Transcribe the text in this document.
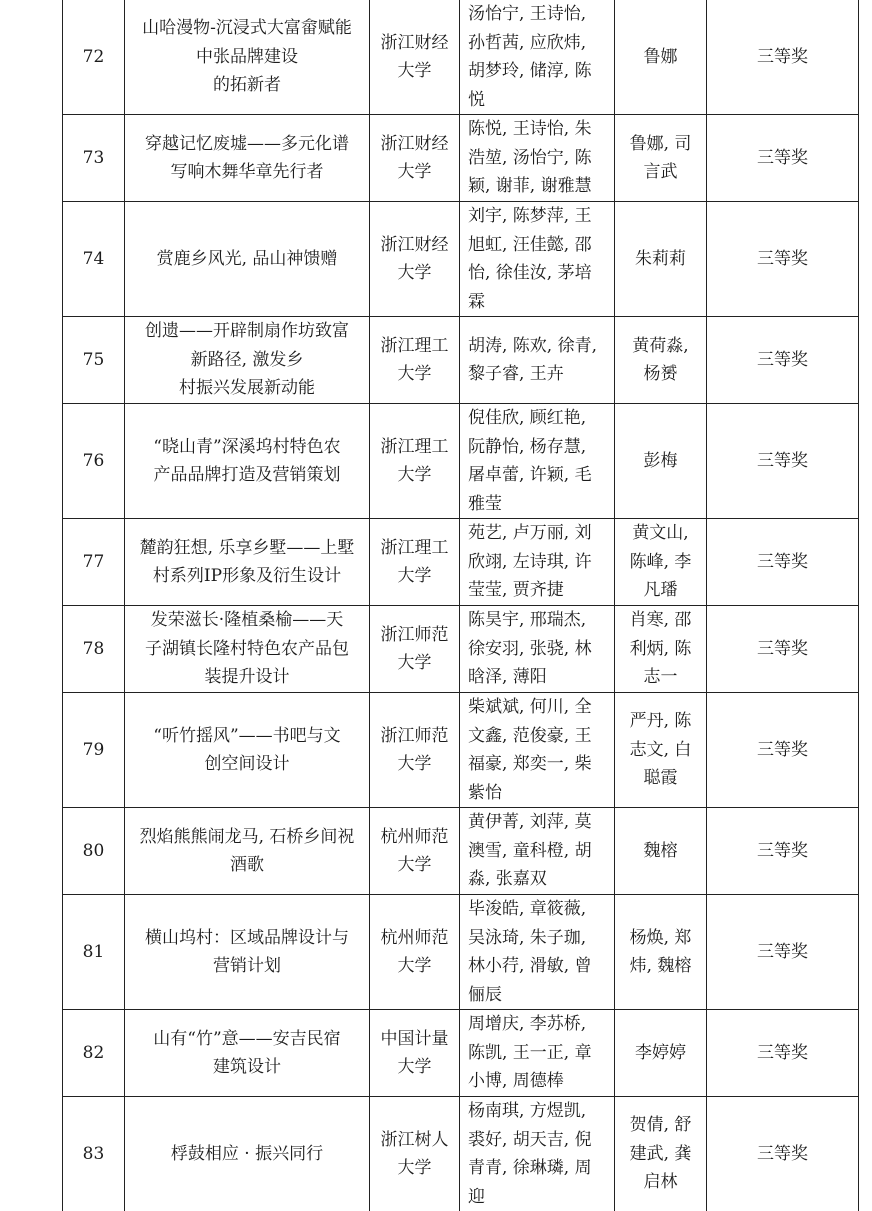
72	山哈漫物-沉浸式大富畲赋能
中张品牌建设
的拓新者	浙江财经
大学	汤怡宁, 王诗怡,
孙哲茜, 应欣炜,
胡梦玲, 储淳, 陈
悦	鲁娜	三等奖
73	穿越记忆废墟——多元化谱
写响木舞华章先行者	浙江财经
大学	陈悦, 王诗怡, 朱
浩堃, 汤怡宁, 陈
颖, 谢菲, 谢雅慧	鲁娜, 司
言武	三等奖
74	赏鹿乡风光, 品山神馈赠	浙江财经
大学	刘宇, 陈梦萍, 王
旭虹, 汪佳懿, 邵
怡, 徐佳汝, 茅培
霖	朱莉莉	三等奖
75	创遗——开辟制扇作坊致富
新路径, 激发乡
村振兴发展新动能	浙江理工
大学	胡涛, 陈欢, 徐青,
黎子睿, 王卉	黄荷淼,
杨赟	三等奖
76	“晓山青”深溪坞村特色农
产品品牌打造及营销策划	浙江理工
大学	倪佳欣, 顾红艳,
阮静怡, 杨存慧,
屠卓蕾, 许颖, 毛
雅莹	彭梅	三等奖
77	麓韵狂想, 乐享乡墅——上墅
村系列IP形象及衍生设计	浙江理工
大学	苑艺, 卢万丽, 刘
欣翊, 左诗琪, 许
莹莹, 贾齐捷	黄文山,
陈峰, 李
凡璠	三等奖
78	发荣滋长·隆植桑榆——天
子湖镇长隆村特色农产品包
装提升设计	浙江师范
大学	陈昊宇, 邢瑞杰,
徐安羽, 张骁, 林
晗泽, 薄阳	肖寒, 邵
利炳, 陈
志一	三等奖
79	“听竹摇风”——书吧与文
创空间设计	浙江师范
大学	柴斌斌, 何川, 全
文鑫, 范俊豪, 王
福豪, 郑奕一, 柴
紫怡	严丹, 陈
志文, 白
聪霞	三等奖
80	烈焰熊熊闹龙马, 石桥乡间祝
酒歌	杭州师范
大学	黄伊菁, 刘萍, 莫
澳雪, 童科橙, 胡
淼, 张嘉双	魏榕	三等奖
81	横山坞村：区域品牌设计与
营销计划	杭州师范
大学	毕浚皓, 章筱薇,
吴泳琦, 朱子珈,
林小荇, 滑敏, 曾
俪辰	杨焕, 郑
炜, 魏榕	三等奖
82	山有“竹”意——安吉民宿
建筑设计	中国计量
大学	周增庆, 李苏桥,
陈凯, 王一正, 章
小博, 周德棒	李婷婷	三等奖
83	桴鼓相应 · 振兴同行	浙江树人
大学	杨南琪, 方煜凯,
裘好, 胡天吉, 倪
青青, 徐琳璘, 周
迎	贺倩, 舒
建武, 龚
启林	三等奖
